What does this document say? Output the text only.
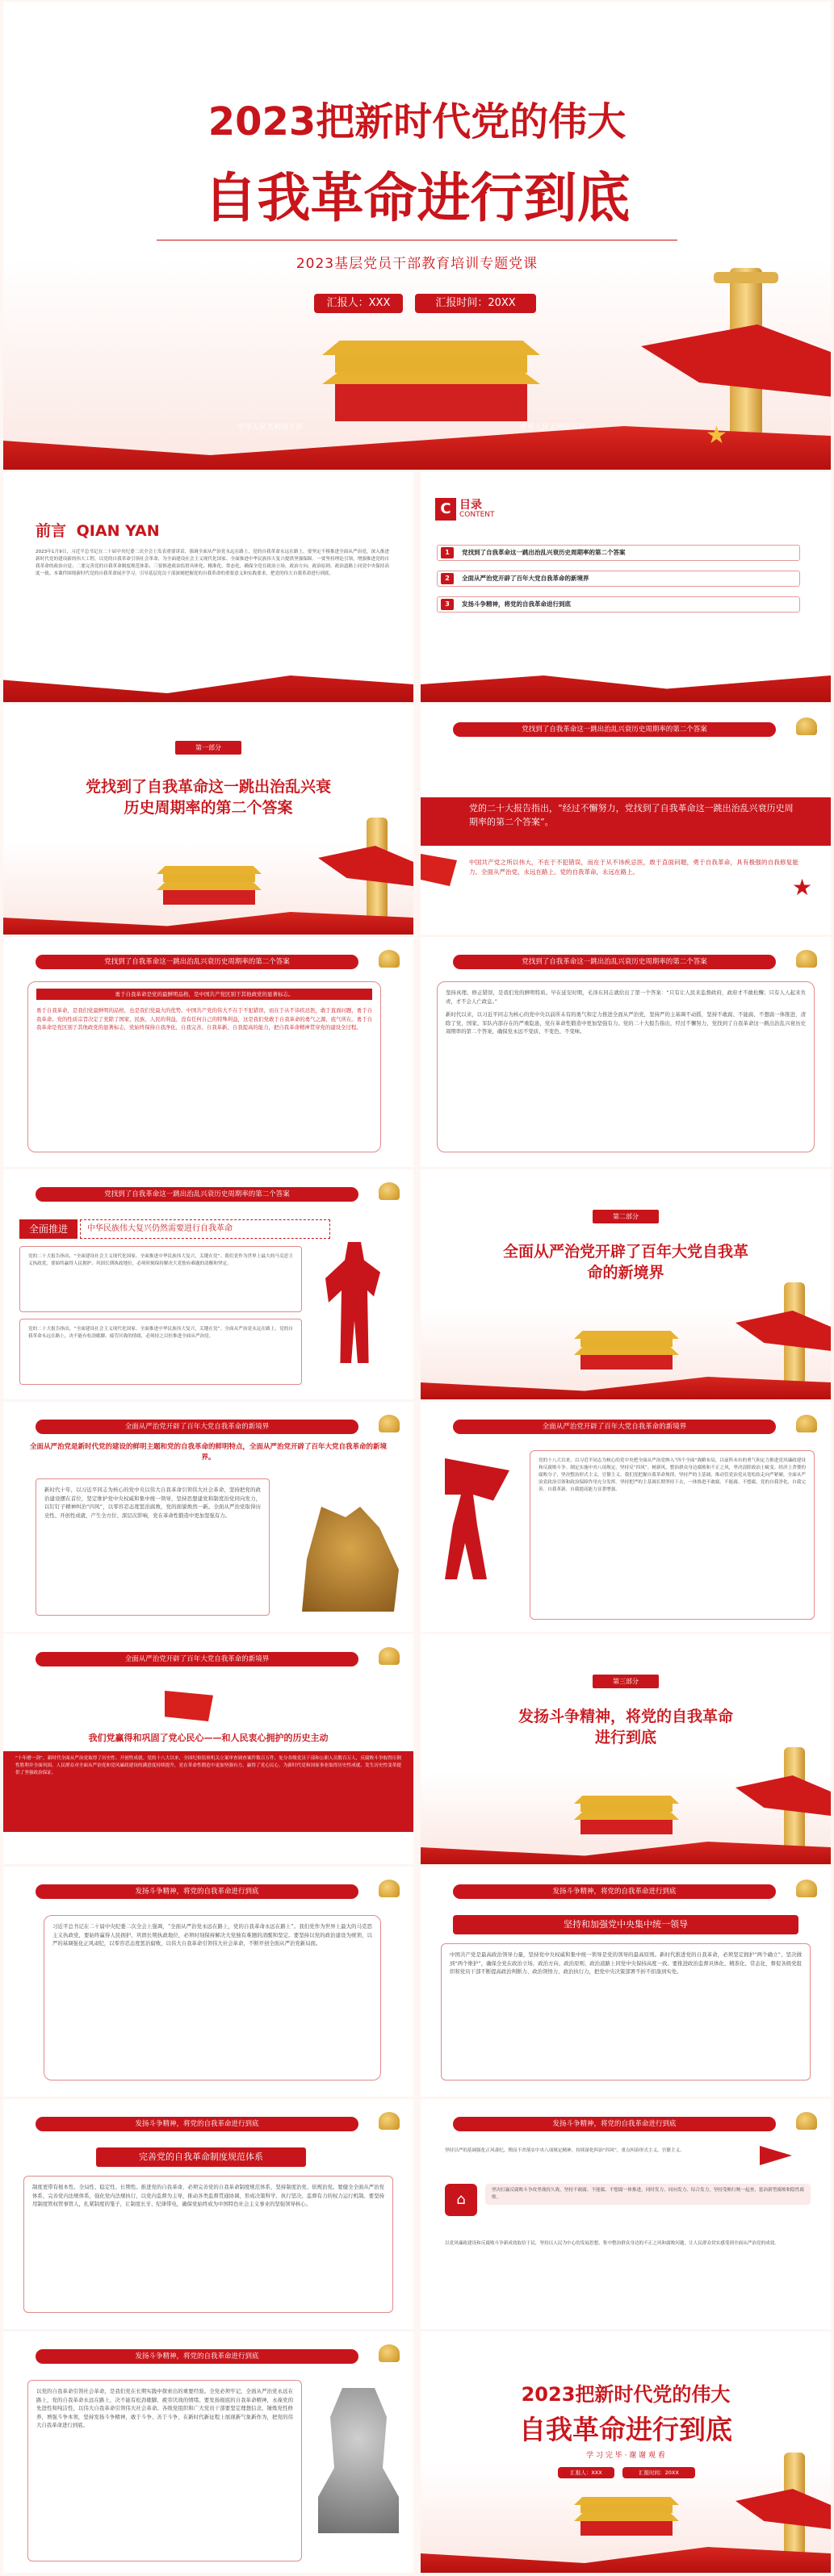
2023把新时代党的伟大
自我革命进行到底
2023基层党员干部教育培训专题党课
汇报人：XXX	汇报时间：20XX
中华人民共和国万岁	世界人民大团结万岁	★
前言 QIAN YAN
2023年1月9日，习近平总书记在二十届中央纪委二次全会上发表重要讲话，强调全面从严治党永远在路上，党的自我革命永远在路上，要坚定不移推进全面从严治党，深入推进新时代党的建设新的伟大工程，以党的自我革命引领社会革命，为全面建设社会主义现代化国家、全面推进中华民族伟大复兴提供坚强保障。一要坚持理论引领，增强推进党的自我革命的政治自觉；二要完善党的自我革命制度规范体系；三要推进政治监督具体化、精准化、常态化，确保全党在政治立场、政治方向、政治原则、政治道路上同党中央保持高度一致。本课件围绕新时代党的自我革命展开学习，引导基层党员干部深刻把握党的自我革命的重要意义和实践要求，把党的伟大自我革命进行到底。
C 目录
CONTENT
1	党找到了自我革命这一跳出治乱兴衰历史周期率的第二个答案
2	全面从严治党开辟了百年大党自我革命的新境界
3	发扬斗争精神，将党的自我革命进行到底
第一部分
党找到了自我革命这一跳出治乱兴衰
历史周期率的第二个答案
党找到了自我革命这一跳出治乱兴衰历史周期率的第二个答案
党的二十大报告指出，“经过不懈努力，党找到了自我革命这一跳出治乱兴衰历史周期率的第二个答案”。
中国共产党之所以伟大，不在于不犯错误，而在于从不讳疾忌医，敢于直面问题，勇于自我革命，具有极强的自我修复能力。全面从严治党，永远在路上。党的自我革命，永远在路上。
★
党找到了自我革命这一跳出治乱兴衰历史周期率的第二个答案
勇于自我革命是党的最鲜明品格，是中国共产党区别于其他政党的显著标志。
勇于自我革命，是我们党最鲜明的品格，也是我们党最大的优势。中国共产党的伟大不在于不犯错误，而在于从不讳疾忌医，敢于直面问题，勇于自我革命。党的性质宗旨决定了党除了国家、民族、人民的利益，没有任何自己的特殊利益，这是我们党敢于自我革命的勇气之源、底气所在。勇于自我革命是党区别于其他政党的显著标志，党始终保持自我净化、自我完善、自我革新、自我提高的能力，把自我革命精神贯穿党的建设全过程。
党找到了自我革命这一跳出治乱兴衰历史周期率的第二个答案
坚持真理、修正错误，是我们党的鲜明特质。早在延安时期，毛泽东同志就给出了第一个答案：“只有让人民来监督政府，政府才不敢松懈；只有人人起来负责，才不会人亡政息。”
新时代以来，以习近平同志为核心的党中央以前所未有的勇气和定力推进全面从严治党，坚持严的主基调不动摇，坚持不敢腐、不能腐、不想腐一体推进，清除了党、国家、军队内部存在的严重隐患，党在革命性锻造中更加坚强有力。党的二十大报告指出，经过不懈努力，党找到了自我革命这一跳出治乱兴衰历史周期率的第二个答案，确保党永远不变质、不变色、不变味。
党找到了自我革命这一跳出治乱兴衰历史周期率的第二个答案
全面推进	中华民族伟大复兴仍然需要进行自我革命
党的二十大报告指出，“全面建设社会主义现代化国家、全面推进中华民族伟大复兴，关键在党”。我们党作为世界上最大的马克思主义执政党，要始终赢得人民拥护、巩固长期执政地位，必须时刻保持解决大党独有难题的清醒和坚定。
党的二十大报告指出，“全面建设社会主义现代化国家、全面推进中华民族伟大复兴，关键在党”。全面从严治党永远在路上，党的自我革命永远在路上，决不能有松劲歇脚、疲劳厌战的情绪，必须持之以恒推进全面从严治党。
第二部分
全面从严治党开辟了百年大党自我革
命的新境界
全面从严治党开辟了百年大党自我革命的新境界
全面从严治党是新时代党的建设的鲜明主题和党的自我革命的鲜明特点，全面从严治党开辟了百年大党自我革命的新境界。
新时代十年，以习近平同志为核心的党中央以伟大自我革命引领伟大社会革命，坚持把党的政治建设摆在首位，坚定维护党中央权威和集中统一领导，坚持思想建党和制度治党同向发力，以钉钉子精神纠治“四风”，以零容忍态度惩治腐败，党的面貌焕然一新。全面从严治党取得历史性、开创性成就，产生全方位、深层次影响，党在革命性锻造中更加坚强有力。
全面从严治党开辟了百年大党自我革命的新境界
党的十八大以来，以习近平同志为核心的党中央把全面从严治党纳入“四个全面”战略布局，以前所未有的勇气和定力推进党风廉政建设和反腐败斗争。制定实施中央八项规定，坚持反“四风”、树新风，整治群众身边腐败和不正之风，坚决清除政治上蜕变、经济上贪婪的腐败分子，坚决整治形式主义、官僚主义。我们党把握自我革命规律，坚持严的主基调，推动管党治党从宽松软走向严紧硬，全面从严治党政治引领和政治保障作用充分发挥。坚持把严的主基调长期坚持下去，一体推进不敢腐、不能腐、不想腐，党的自我净化、自我完善、自我革新、自我提高能力显著增强。
全面从严治党开辟了百年大党自我革命的新境界
我们党赢得和巩固了党心民心——和人民衷心拥护的历史主动
“十年磨一剑”，新时代全面从严治党取得了历史性、开创性成就。党的十八大以来，全国纪检监察机关立案审查调查案件数百万件，处分各级党员干部和公职人员数百万人，反腐败斗争取得压倒性胜利并全面巩固。人民群众对全面从严治党和党风廉政建设的满意度持续提升，党在革命性锻造中更加坚强有力，赢得了党心民心，为新时代党和国家事业取得历史性成就、发生历史性变革提供了坚强政治保证。
第三部分
发扬斗争精神，将党的自我革命
进行到底
发扬斗争精神，将党的自我革命进行到底
习近平总书记在二十届中央纪委二次全会上强调，“全面从严治党永远在路上，党的自我革命永远在路上”。我们党作为世界上最大的马克思主义执政党，要始终赢得人民拥护、巩固长期执政地位，必须时刻保持解决大党独有难题的清醒和坚定。要坚持以党的政治建设为统领，以严的基调强化正风肃纪，以零容忍态度惩治腐败，以伟大自我革命引领伟大社会革命，不断开创全面从严治党新局面。
发扬斗争精神，将党的自我革命进行到底
坚持和加强党中央集中统一领导
中国共产党是最高政治领导力量，坚持党中央权威和集中统一领导是党的领导的最高原则。新时代推进党的自我革命，必须坚定拥护“两个确立”、坚决做到“两个维护”，确保全党在政治立场、政治方向、政治原则、政治道路上同党中央保持高度一致。要推进政治监督具体化、精准化、常态化，督促各级党组织和党员干部不断提高政治判断力、政治领悟力、政治执行力，把党中央决策部署不折不扣落到实处。
发扬斗争精神，将党的自我革命进行到底
完善党的自我革命制度规范体系
制度更带有根本性、全局性、稳定性、长期性。推进党的自我革命，必须完善党的自我革命制度规范体系，坚持制度治党、依规治党。要健全全面从严治党体系，完善党内法规体系，强化党内法规执行，以党内监督为主导，推动各类监督贯通协调，形成决策科学、执行坚决、监督有力的权力运行机制。要坚持用制度管权管事管人，扎紧制度的笼子，让制度长牙、纪律带电，确保党始终成为中国特色社会主义事业的坚强领导核心。
发扬斗争精神，将党的自我革命进行到底
坚持以严的基调强化正风肃纪，锲而不舍落实中央八项规定精神，持续深化纠治“四风”，重点纠治形式主义、官僚主义。
⌂
坚决打赢反腐败斗争攻坚战持久战，坚持不敢腐、不能腐、不想腐一体推进，同时发力、同向发力、综合发力，坚持受贿行贿一起查，惩治新型腐败和隐性腐败。
以党风廉政建设和反腐败斗争新成效取信于民，坚持以人民为中心的发展思想，集中整治群众身边的不正之风和腐败问题，让人民群众切实感受到全面从严治党的成效。
发扬斗争精神，将党的自我革命进行到底
以党的自我革命引领社会革命，是我们党在长期实践中探索出的重要经验。全党必须牢记，全面从严治党永远在路上，党的自我革命永远在路上，决不能有松劲歇脚、疲劳厌战的情绪。要发扬彻底的自我革命精神，永葆党的先进性和纯洁性，以伟大自我革命引领伟大社会革命。各级党组织和广大党员干部要坚定理想信念，锤炼党性修养，增强斗争本领，坚持发扬斗争精神，敢于斗争、善于斗争，在新时代新征程上展现新气象新作为，把党的伟大自我革命进行到底。
2023把新时代党的伟大
自我革命进行到底
学 习 完 毕 · 谢 谢 观 看
汇报人：XXX	汇报时间：20XX
